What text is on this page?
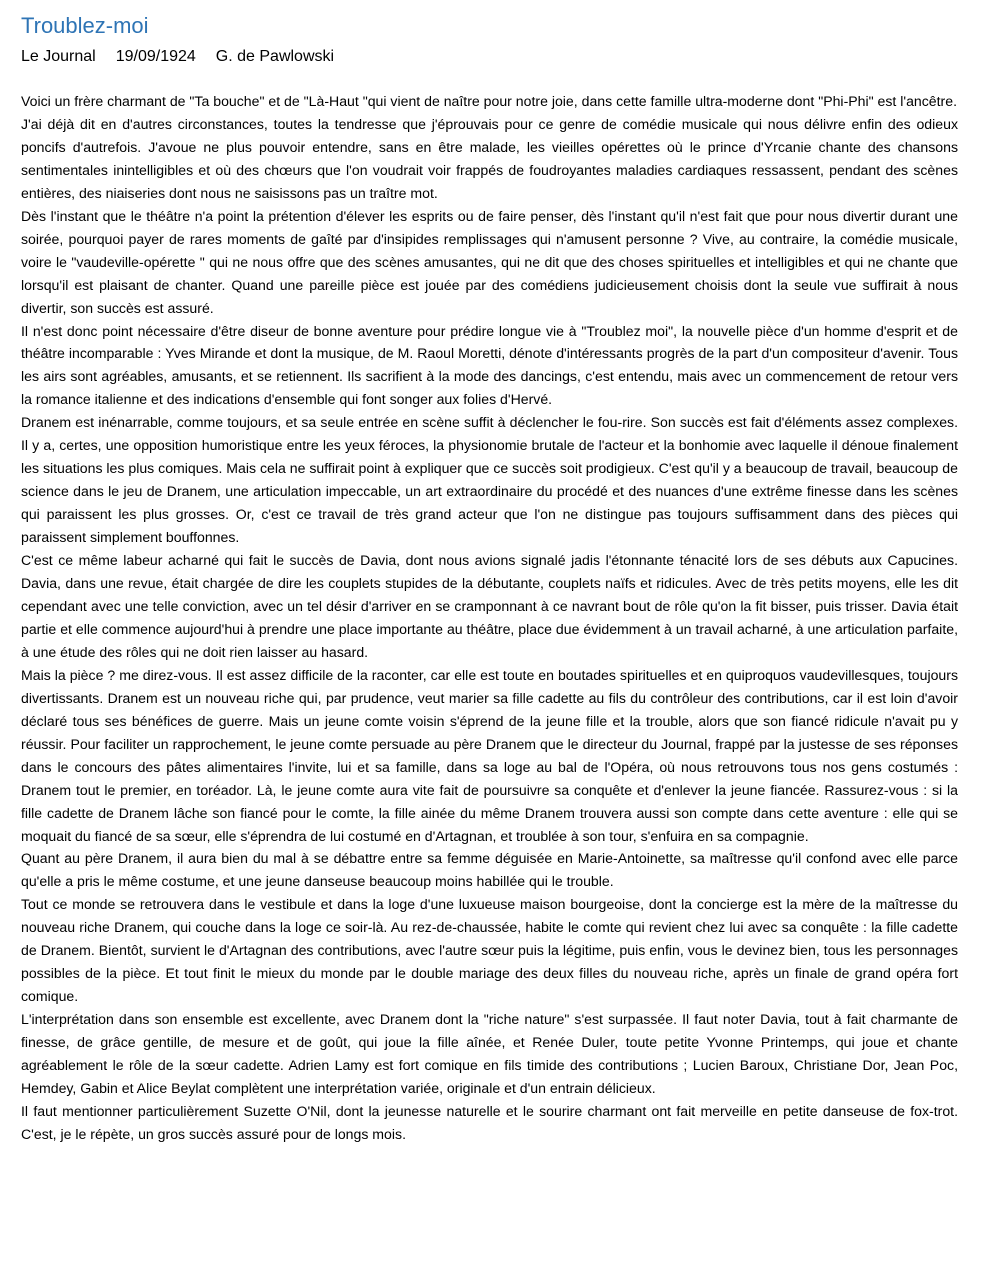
Troublez-moi
Le Journal 19/09/1924 G. de Pawlowski

Voici un frère charmant de "Ta bouche" et de "Là-Haut "qui vient de naître pour notre joie, dans cette famille ultra-moderne dont "Phi-Phi" est l'ancêtre.

J'ai déjà dit en d'autres circonstances, toutes la tendresse que j'éprouvais pour ce genre de comédie musicale qui nous délivre enfin des odieux poncifs d'autrefois. J'avoue ne plus pouvoir entendre, sans en être malade, les vieilles opérettes où le prince d'Yrcanie chante des chansons sentimentales inintelligibles et où des chœurs que l'on voudrait voir frappés de foudroyantes maladies cardiaques ressassent, pendant des scènes entières, des niaiseries dont nous ne saisissons pas un traître mot.

Dès l'instant que le théâtre n'a point la prétention d'élever les esprits ou de faire penser, dès l'instant qu'il n'est fait que pour nous divertir durant une soirée, pourquoi payer de rares moments de gaîté par d'insipides remplissages qui n'amusent personne ? Vive, au contraire, la comédie musicale, voire le "vaudeville-opérette " qui ne nous offre que des scènes amusantes, qui ne dit que des choses spirituelles et intelligibles et qui ne chante que lorsqu'il est plaisant de chanter. Quand une pareille pièce est jouée par des comédiens judicieusement choisis dont la seule vue suffirait à nous divertir, son succès est assuré.

Il n'est donc point nécessaire d'être diseur de bonne aventure pour prédire longue vie à "Troublez moi", la nouvelle pièce d'un homme d'esprit et de théâtre incomparable : Yves Mirande et dont la musique, de M. Raoul Moretti, dénote d'intéressants progrès de la part d'un compositeur d'avenir. Tous les airs sont agréables, amusants, et se retiennent. Ils sacrifient à la mode des dancings, c'est entendu, mais avec un commencement de retour vers la romance italienne et des indications d'ensemble qui font songer aux folies d'Hervé.

Dranem est inénarrable, comme toujours, et sa seule entrée en scène suffit à déclencher le fou-rire. Son succès est fait d'éléments assez complexes. Il y a, certes, une opposition humoristique entre les yeux féroces, la physionomie brutale de l'acteur et la bonhomie avec laquelle il dénoue finalement les situations les plus comiques. Mais cela ne suffirait point à expliquer que ce succès soit prodigieux. C'est qu'il y a beaucoup de travail, beaucoup de science dans le jeu de Dranem, une articulation impeccable, un art extraordinaire du procédé et des nuances d'une extrême finesse dans les scènes qui paraissent les plus grosses. Or, c'est ce travail de très grand acteur que l'on ne distingue pas toujours suffisamment dans des pièces qui paraissent simplement bouffonnes.

C'est ce même labeur acharné qui fait le succès de Davia, dont nous avions signalé jadis l'étonnante ténacité lors de ses débuts aux Capucines. Davia, dans une revue, était chargée de dire les couplets stupides de la débutante, couplets naïfs et ridicules. Avec de très petits moyens, elle les dit cependant avec une telle conviction, avec un tel désir d'arriver en se cramponnant à ce navrant bout de rôle qu'on la fit bisser, puis trisser. Davia était partie et elle commence aujourd'hui à prendre une place importante au théâtre, place due évidemment à un travail acharné, à une articulation parfaite, à une étude des rôles qui ne doit rien laisser au hasard.

Mais la pièce ? me direz-vous. Il est assez difficile de la raconter, car elle est toute en boutades spirituelles et en quiproquos vaudevillesques, toujours divertissants. Dranem est un nouveau riche qui, par prudence, veut marier sa fille cadette au fils du contrôleur des contributions, car il est loin d'avoir déclaré tous ses bénéfices de guerre. Mais un jeune comte voisin s'éprend de la jeune fille et la trouble, alors que son fiancé ridicule n'avait pu y réussir. Pour faciliter un rapprochement, le jeune comte persuade au père Dranem que le directeur du Journal, frappé par la justesse de ses réponses dans le concours des pâtes alimentaires l'invite, lui et sa famille, dans sa loge au bal de l'Opéra, où nous retrouvons tous nos gens costumés : Dranem tout le premier, en toréador. Là, le jeune comte aura vite fait de poursuivre sa conquête et d'enlever la jeune fiancée. Rassurez-vous : si la fille cadette de Dranem lâche son fiancé pour le comte, la fille ainée du même Dranem trouvera aussi son compte dans cette aventure : elle qui se moquait du fiancé de sa sœur, elle s'éprendra de lui costumé en d'Artagnan, et troublée à son tour, s'enfuira en sa compagnie.

Quant au père Dranem, il aura bien du mal à se débattre entre sa femme déguisée en Marie-Antoinette, sa maîtresse qu'il confond avec elle parce qu'elle a pris le même costume, et une jeune danseuse beaucoup moins habillée qui le trouble.

Tout ce monde se retrouvera dans le vestibule et dans la loge d'une luxueuse maison bourgeoise, dont la concierge est la mère de la maîtresse du nouveau riche Dranem, qui couche dans la loge ce soir-là. Au rez-de-chaussée, habite le comte qui revient chez lui avec sa conquête : la fille cadette de Dranem. Bientôt, survient le d'Artagnan des contributions, avec l'autre sœur puis la légitime, puis enfin, vous le devinez bien, tous les personnages possibles de la pièce. Et tout finit le mieux du monde par le double mariage des deux filles du nouveau riche, après un finale de grand opéra fort comique.

L'interprétation dans son ensemble est excellente, avec Dranem dont la "riche nature" s'est surpassée. Il faut noter Davia, tout à fait charmante de finesse, de grâce gentille, de mesure et de goût, qui joue la fille aînée, et Renée Duler, toute petite Yvonne Printemps, qui joue et chante agréablement le rôle de la sœur cadette. Adrien Lamy est fort comique en fils timide des contributions ; Lucien Baroux, Christiane Dor, Jean Poc, Hemdey, Gabin et Alice Beylat complètent une interprétation variée, originale et d'un entrain délicieux.

Il faut mentionner particulièrement Suzette O'Nil, dont la jeunesse naturelle et le sourire charmant ont fait merveille en petite danseuse de fox-trot. C'est, je le répète, un gros succès assuré pour de longs mois.
